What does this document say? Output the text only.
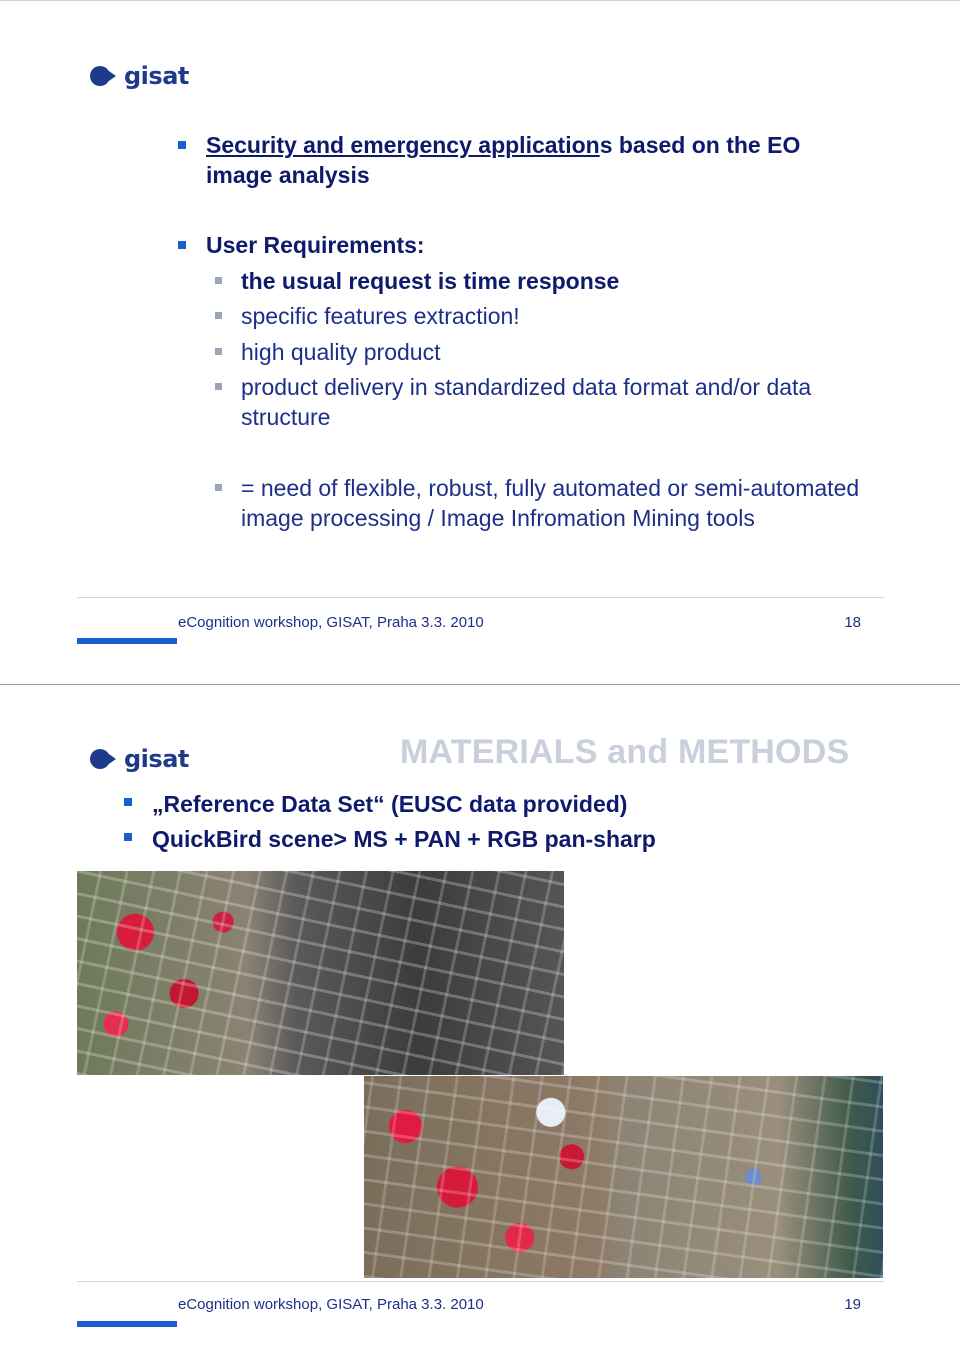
gisat
Security and emergency applications based on the EO image analysis
User Requirements:
the usual request is time response
specific features extraction!
high quality product
product delivery in standardized data format and/or data structure
= need of flexible, robust, fully automated or semi-automated image processing / Image Infromation Mining tools
eCognition workshop, GISAT, Praha 3.3. 2010	18
gisat	MATERIALS and METHODS
„Reference Data Set“ (EUSC data provided)
QuickBird scene> MS + PAN + RGB pan-sharp
eCognition workshop, GISAT, Praha 3.3. 2010	19
